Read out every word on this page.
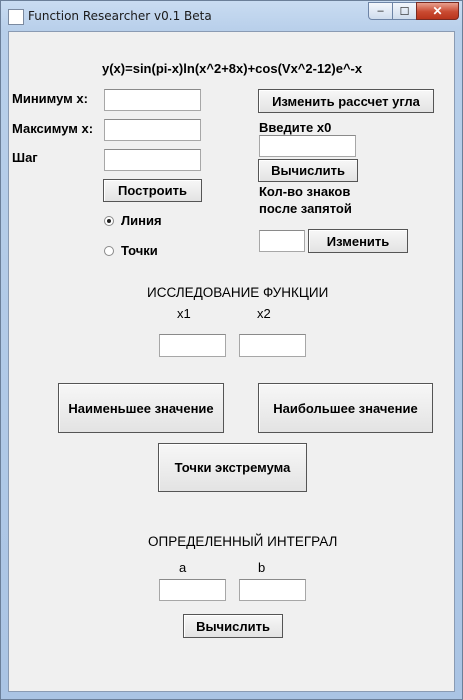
Function Researcher v0.1 Beta	–	☐	✕
y(x)=sin(pi-x)ln(x^2+8x)+cos(Vx^2-12)e^-x
Минимум х:
Максимум х:
Шаг
Построить
Линия
Точки
Изменить рассчет угла
Введите х0
Вычислить
Кол-во знаков
после запятой
Изменить
ИССЛЕДОВАНИЕ ФУНКЦИИ
х1	х2
Наименьшее значение	Наибольшее значение
Точки экстремума
ОПРЕДЕЛЕННЫЙ ИНТЕГРАЛ
a	b
Вычислить
